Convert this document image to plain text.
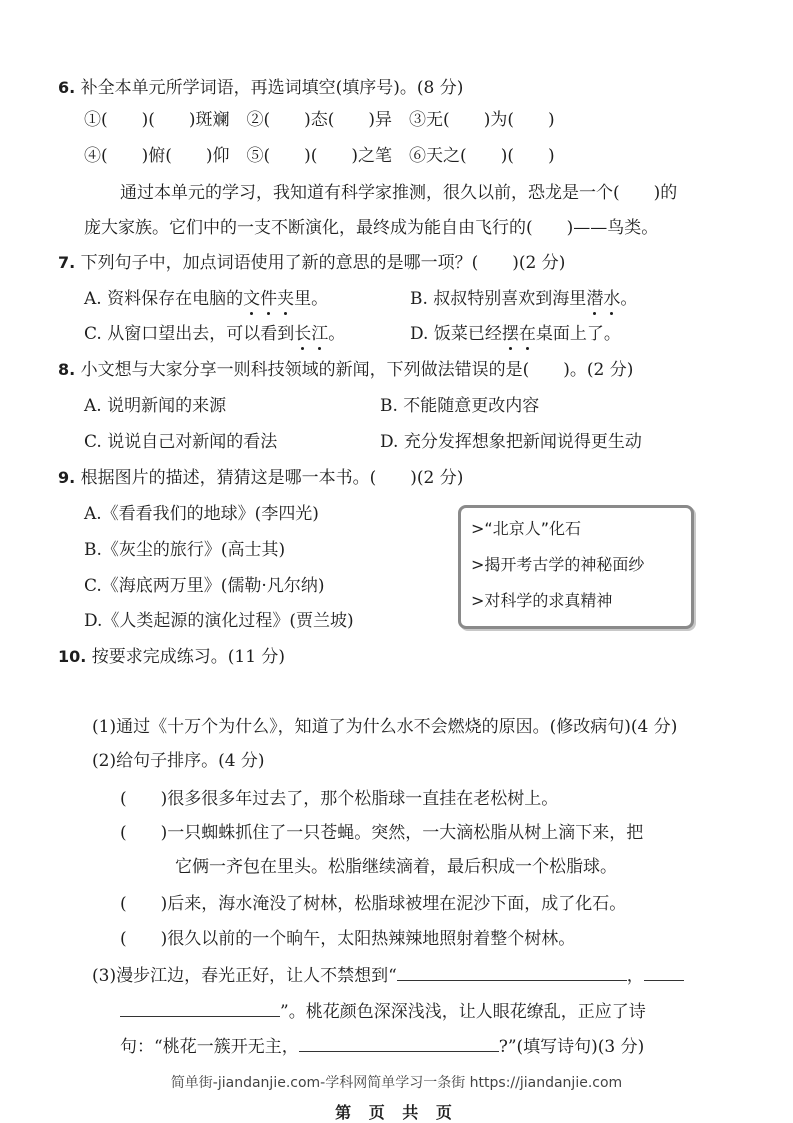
6. 补全本单元所学词语，再选词填空(填序号)。(8 分)
①(　　)(　　)斑斓　②(　　)态(　　)异　③无(　　)为(　　)
④(　　)俯(　　)仰　⑤(　　)(　　)之笔　⑥天之(　　)(　　)
通过本单元的学习，我知道有科学家推测，很久以前，恐龙是一个(　　)的
庞大家族。它们中的一支不断演化，最终成为能自由飞行的(　　)——鸟类。
7. 下列句子中，加点词语使用了新的意思的是哪一项？(　　)(2 分)
A. 资料保存在电脑的文件夹里。	B. 叔叔特别喜欢到海里潜水。
C. 从窗口望出去，可以看到长江。	D. 饭菜已经摆在桌面上了。
8. 小文想与大家分享一则科技领域的新闻，下列做法错误的是(　　)。(2 分)
A. 说明新闻的来源	B. 不能随意更改内容
C. 说说自己对新闻的看法	D. 充分发挥想象把新闻说得更生动
9. 根据图片的描述，猜猜这是哪一本书。(　　)(2 分)
A.《看看我们的地球》(李四光)
B.《灰尘的旅行》(高士其)
C.《海底两万里》(儒勒·凡尔纳)
D.《人类起源的演化过程》(贾兰坡)
>“北京人”化石
>揭开考古学的神秘面纱
>对科学的求真精神
10. 按要求完成练习。(11 分)
(1)通过《十万个为什么》，知道了为什么水不会燃烧的原因。(修改病句)(4 分)
(2)给句子排序。(4 分)
(　　)很多很多年过去了，那个松脂球一直挂在老松树上。
(　　)一只蜘蛛抓住了一只苍蝇。突然，一大滴松脂从树上滴下来，把
它俩一齐包在里头。松脂继续滴着，最后积成一个松脂球。
(　　)后来，海水淹没了树林，松脂球被埋在泥沙下面，成了化石。
(　　)很久以前的一个晌午，太阳热辣辣地照射着整个树林。
(3)漫步江边，春光正好，让人不禁想到“	，
”。桃花颜色深深浅浅，让人眼花缭乱，正应了诗
句：“桃花一簇开无主，	?”(填写诗句)(3 分)
简单街-jiandanjie.com-学科网简单学习一条街 https://jiandanjie.com
第 页 共 页
